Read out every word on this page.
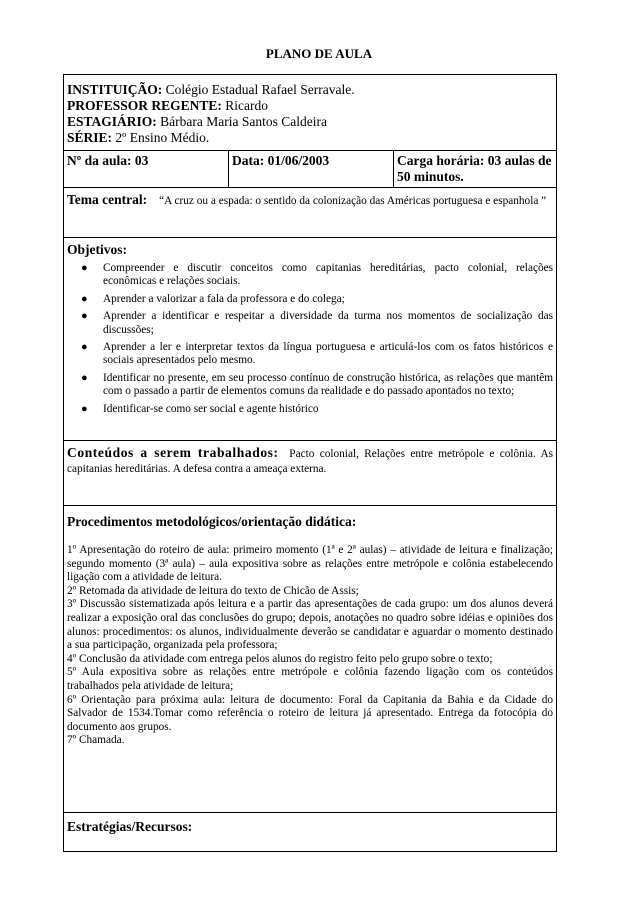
PLANO DE AULA
INSTITUIÇÃO: Colégio Estadual Rafael Serravale.
PROFESSOR REGENTE: Ricardo
ESTAGIÁRIO: Bárbara Maria Santos Caldeira
SÉRIE: 2º Ensino Médio.

Nº da aula: 03	Data: 01/06/2003	Carga horária: 03 aulas de 50 minutos.
Tema central: “A cruz ou a espada: o sentido da colonização das Américas portuguesa e espanhola ”

Objetivos:
● Compreender e discutir conceitos como capitanias hereditárias, pacto colonial, relações econômicas e relações sociais.
● Aprender a valorizar a fala da professora e do colega;
● Aprender a identificar e respeitar a diversidade da turma nos momentos de socialização das discussões;
● Aprender a ler e interpretar textos da língua portuguesa e articulá-los com os fatos históricos e sociais apresentados pelo mesmo.
● Identificar no presente, em seu processo contínuo de construção histórica, as relações que mantêm com o passado a partir de elementos comuns da realidade e do passado apontados no texto;
● Identificar-se como ser social e agente histórico

Conteúdos a serem trabalhados: Pacto colonial, Relações entre metrópole e colônia. As capitanias hereditárias. A defesa contra a ameaça externa.

Procedimentos metodológicos/orientação didática:

1º Apresentação do roteiro de aula: primeiro momento (1ª e 2ª aulas) – atividade de leitura e finalização; segundo momento (3ª aula) – aula expositiva sobre as relações entre metrópole e colônia estabelecendo ligação com a atividade de leitura.

2º Retomada da atividade de leitura do texto de Chicão de Assis;

3º Discussão sistematizada após leitura e a partir das apresentações de cada grupo: um dos alunos deverá realizar a exposição oral das conclusões do grupo; depois, anotações no quadro sobre idéias e opiniões dos alunos: procedimentos: os alunos, individualmente deverão se candidatar e aguardar o momento destinado a sua participação, organizada pela professora;

4º Conclusão da atividade com entrega pelos alunos do registro feito pelo grupo sobre o texto;

5º Aula expositiva sobre as relações entre metrópole e colônia fazendo ligação com os conteúdos trabalhados pela atividade de leitura;

6º Orientação para próxima aula: leitura de documento: Foral da Capitania da Bahia e da Cidade do Salvador de 1534.Tomar como referência o roteiro de leitura já apresentado. Entrega da fotocópia do documento aos grupos.

7º Chamada.

Estratégias/Recursos:
